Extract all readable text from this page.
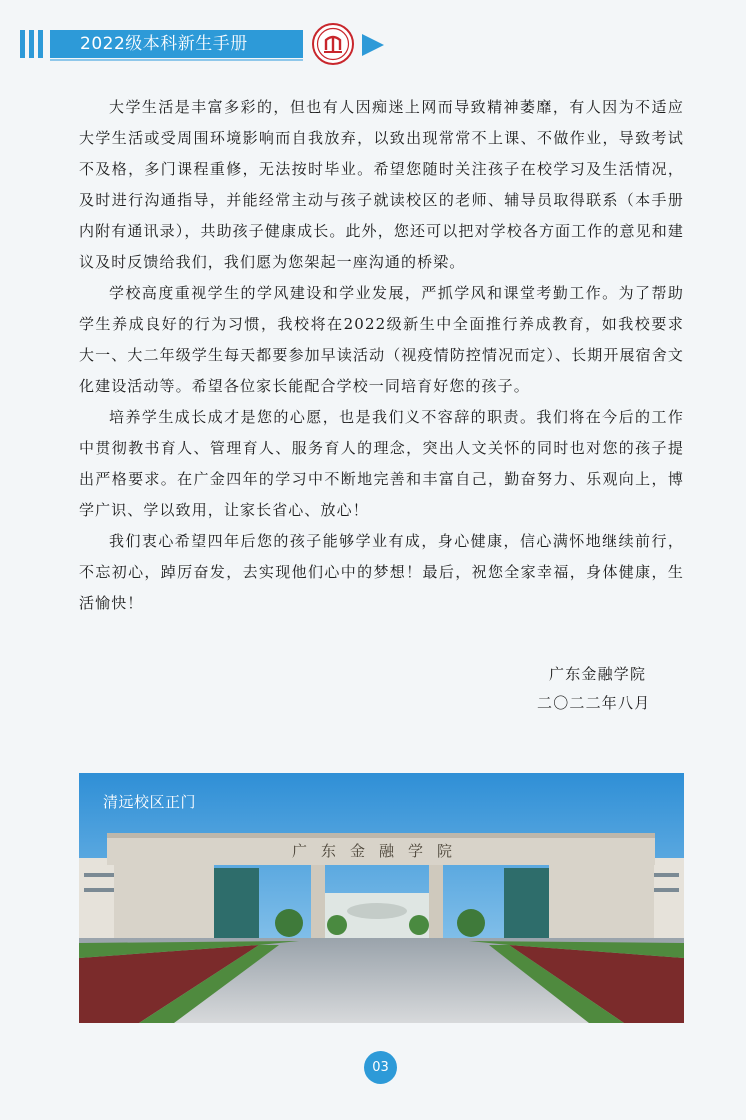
2022级本科新生手册

大学生活是丰富多彩的，但也有人因痴迷上网而导致精神萎靡，有人因为不适应大学生活或受周围环境影响而自我放弃，以致出现常常不上课、不做作业，导致考试不及格，多门课程重修，无法按时毕业。希望您随时关注孩子在校学习及生活情况，及时进行沟通指导，并能经常主动与孩子就读校区的老师、辅导员取得联系（本手册内附有通讯录），共助孩子健康成长。此外，您还可以把对学校各方面工作的意见和建议及时反馈给我们，我们愿为您架起一座沟通的桥梁。

学校高度重视学生的学风建设和学业发展，严抓学风和课堂考勤工作。为了帮助学生养成良好的行为习惯，我校将在2022级新生中全面推行养成教育，如我校要求大一、大二年级学生每天都要参加早读活动（视疫情防控情况而定）、长期开展宿舍文化建设活动等。希望各位家长能配合学校一同培育好您的孩子。

培养学生成长成才是您的心愿，也是我们义不容辞的职责。我们将在今后的工作中贯彻教书育人、管理育人、服务育人的理念，突出人文关怀的同时也对您的孩子提出严格要求。在广金四年的学习中不断地完善和丰富自己，勤奋努力、乐观向上，博学广识、学以致用，让家长省心、放心！

我们衷心希望四年后您的孩子能够学业有成，身心健康，信心满怀地继续前行，不忘初心，踔厉奋发，去实现他们心中的梦想！最后，祝您全家幸福，身体健康，生活愉快！

广东金融学院
二〇二二年八月
广东金融学院
清远校区正门
03
